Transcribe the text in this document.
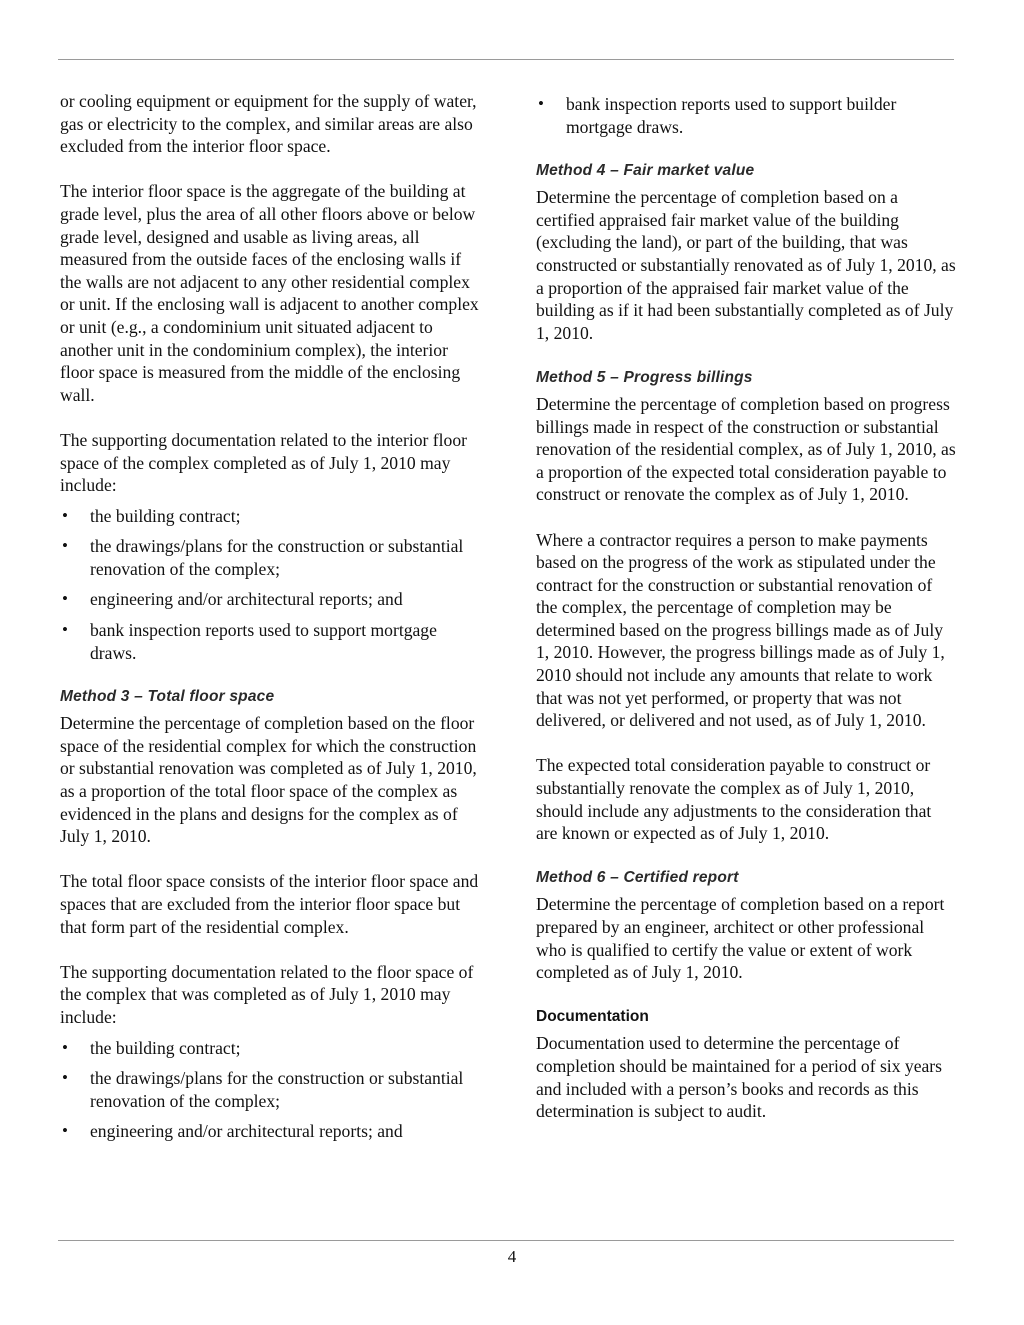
or cooling equipment or equipment for the supply of water, gas or electricity to the complex, and similar areas are also excluded from the interior floor space.

The interior floor space is the aggregate of the building at grade level, plus the area of all other floors above or below grade level, designed and usable as living areas, all measured from the outside faces of the enclosing walls if the walls are not adjacent to any other residential complex or unit. If the enclosing wall is adjacent to another complex or unit (e.g., a condominium unit situated adjacent to another unit in the condominium complex), the interior floor space is measured from the middle of the enclosing wall.

The supporting documentation related to the interior floor space of the complex completed as of July 1, 2010 may include:

• the building contract;
• the drawings/plans for the construction or substantial renovation of the complex;
• engineering and/or architectural reports; and
• bank inspection reports used to support mortgage draws.
Method 3 – Total floor space

Determine the percentage of completion based on the floor space of the residential complex for which the construction or substantial renovation was completed as of July 1, 2010, as a proportion of the total floor space of the complex as evidenced in the plans and designs for the complex as of July 1, 2010.

The total floor space consists of the interior floor space and spaces that are excluded from the interior floor space but that form part of the residential complex.

The supporting documentation related to the floor space of the complex that was completed as of July 1, 2010 may include:

• the building contract;
• the drawings/plans for the construction or substantial renovation of the complex;
• engineering and/or architectural reports; and
• bank inspection reports used to support builder mortgage draws.
Method 4 – Fair market value

Determine the percentage of completion based on a certified appraised fair market value of the building (excluding the land), or part of the building, that was constructed or substantially renovated as of July 1, 2010, as a proportion of the appraised fair market value of the building as if it had been substantially completed as of July 1, 2010.

Method 5 – Progress billings

Determine the percentage of completion based on progress billings made in respect of the construction or substantial renovation of the residential complex, as of July 1, 2010, as a proportion of the expected total consideration payable to construct or renovate the complex as of July 1, 2010.

Where a contractor requires a person to make payments based on the progress of the work as stipulated under the contract for the construction or substantial renovation of the complex, the percentage of completion may be determined based on the progress billings made as of July 1, 2010. However, the progress billings made as of July 1, 2010 should not include any amounts that relate to work that was not yet performed, or property that was not delivered, or delivered and not used, as of July 1, 2010.

The expected total consideration payable to construct or substantially renovate the complex as of July 1, 2010, should include any adjustments to the consideration that are known or expected as of July 1, 2010.

Method 6 – Certified report

Determine the percentage of completion based on a report prepared by an engineer, architect or other professional who is qualified to certify the value or extent of work completed as of July 1, 2010.

Documentation

Documentation used to determine the percentage of completion should be maintained for a period of six years and included with a person’s books and records as this determination is subject to audit.

4
